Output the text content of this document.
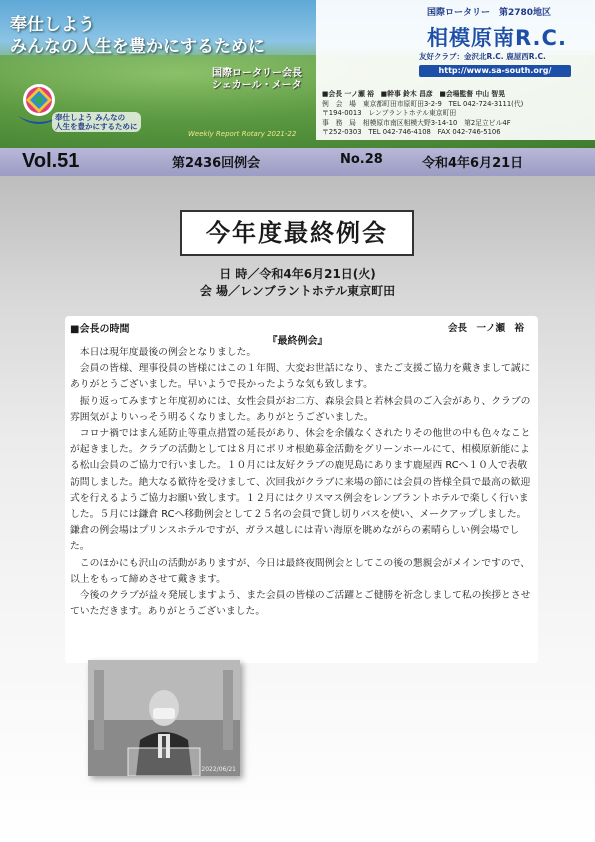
奉仕しよう
みんなの人生を豊かにするために
国際ロータリー会長
シェカール・メータ
奉仕しよう みんなの
人生を豊かにするために
Weekly Report Rotary 2021-22
国際ロータリー　第2780地区
相模原南R.C.
友好クラブ：金沢北R.C. 鹿屋西R.C.
http://www.sa-south.org/
■会長 一ノ瀬 裕　■幹事 鈴木 昌彦　■会場監督 中山 智晃
例　会　場　東京都町田市原町田3-2-9　TEL 042-724-3111(代)
〒194-0013　レンブラントホテル東京町田
事　務　局　相模原市南区相模大野3-14-10　第2足立ビル4F
〒252-0303　TEL 042-746-4108　FAX 042-746-5106
Vol.51	第2436回例会	No.28	令和4年6月21日
今年度最終例会
日 時／令和4年6月21日(火)
会 場／レンブラントホテル東京町田
■会長の時間	会長　一ノ瀬　裕
『最終例会』

本日は現年度最後の例会となりました。

会員の皆様、理事役員の皆様にはこの１年間、大変お世話になり、またご支援ご協力を戴きまして誠にありがとうございました。早いようで長かったような気も致します。

振り返ってみますと年度初めには、女性会員がお二方、森泉会員と若林会員のご入会があり、クラブの雰囲気がよりいっそう明るくなりました。ありがとうございました。

コロナ禍ではまん延防止等重点措置の延長があり、休会を余儀なくされたりその他世の中も色々なことが起きました。クラブの活動としては８月にポリオ根絶募金活動をグリーンホールにて、相模原新能による松山会員のご協力で行いました。１０月には友好クラブの鹿児島にあります鹿屋西 RCへ１０人で表敬訪問しました。絶大なる歓待を受けまして、次回我がクラブに来場の節には会員の皆様全員で最高の歓迎式を行えるようご協力お願い致します。１２月にはクリスマス例会をレンブラントホテルで楽しく行いました。５月には鎌倉 RCへ移動例会として２５名の会員で貸し切りバスを使い、メークアップしました。鎌倉の例会場はプリンスホテルですが、ガラス越しには青い海原を眺めながらの素晴らしい例会場でした。

このほかにも沢山の活動がありますが、今日は最終夜間例会としてこの後の懇親会がメインですので、以上をもって締めさせて戴きます。

今後のクラブが益々発展しますよう、また会員の皆様のご活躍とご健勝を祈念しまして私の挨拶とさせていただきます。ありがとうございました。

2022/06/21
